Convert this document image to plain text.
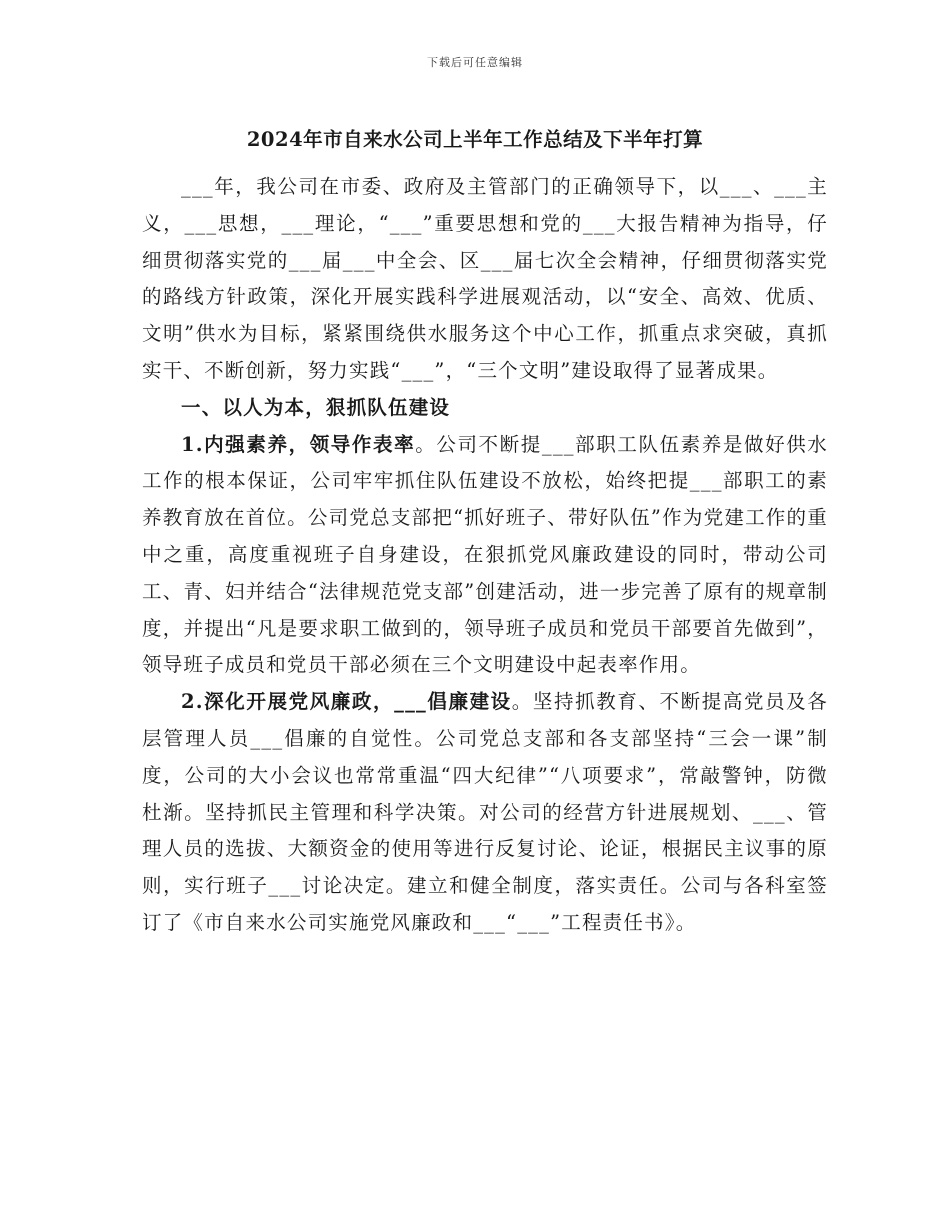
下载后可任意编辑
2024年市自来水公司上半年工作总结及下半年打算

___年，我公司在市委、政府及主管部门的正确领导下，以___、___主义，___思想，___理论，“___”重要思想和党的___大报告精神为指导，仔细贯彻落实党的___届___中全会、区___届七次全会精神，仔细贯彻落实党的路线方针政策，深化开展实践科学进展观活动，以“安全、高效、优质、文明”供水为目标，紧紧围绕供水服务这个中心工作，抓重点求突破，真抓实干、不断创新，努力实践“___”，“三个文明”建设取得了显著成果。

一、以人为本，狠抓队伍建设

1.内强素养，领导作表率。公司不断提___部职工队伍素养是做好供水工作的根本保证，公司牢牢抓住队伍建设不放松，始终把提___部职工的素养教育放在首位。公司党总支部把“抓好班子、带好队伍”作为党建工作的重中之重，高度重视班子自身建设，在狠抓党风廉政建设的同时，带动公司工、青、妇并结合“法律规范党支部”创建活动，进一步完善了原有的规章制度，并提出“凡是要求职工做到的，领导班子成员和党员干部要首先做到”，领导班子成员和党员干部必须在三个文明建设中起表率作用。

2.深化开展党风廉政，___倡廉建设。坚持抓教育、不断提高党员及各层管理人员___倡廉的自觉性。公司党总支部和各支部坚持“三会一课”制度，公司的大小会议也常常重温“四大纪律”“八项要求”，常敲警钟，防微杜渐。坚持抓民主管理和科学决策。对公司的经营方针进展规划、___、管理人员的选拔、大额资金的使用等进行反复讨论、论证，根据民主议事的原则，实行班子___讨论决定。建立和健全制度，落实责任。公司与各科室签订了《市自来水公司实施党风廉政和___“___”工程责任书》。
